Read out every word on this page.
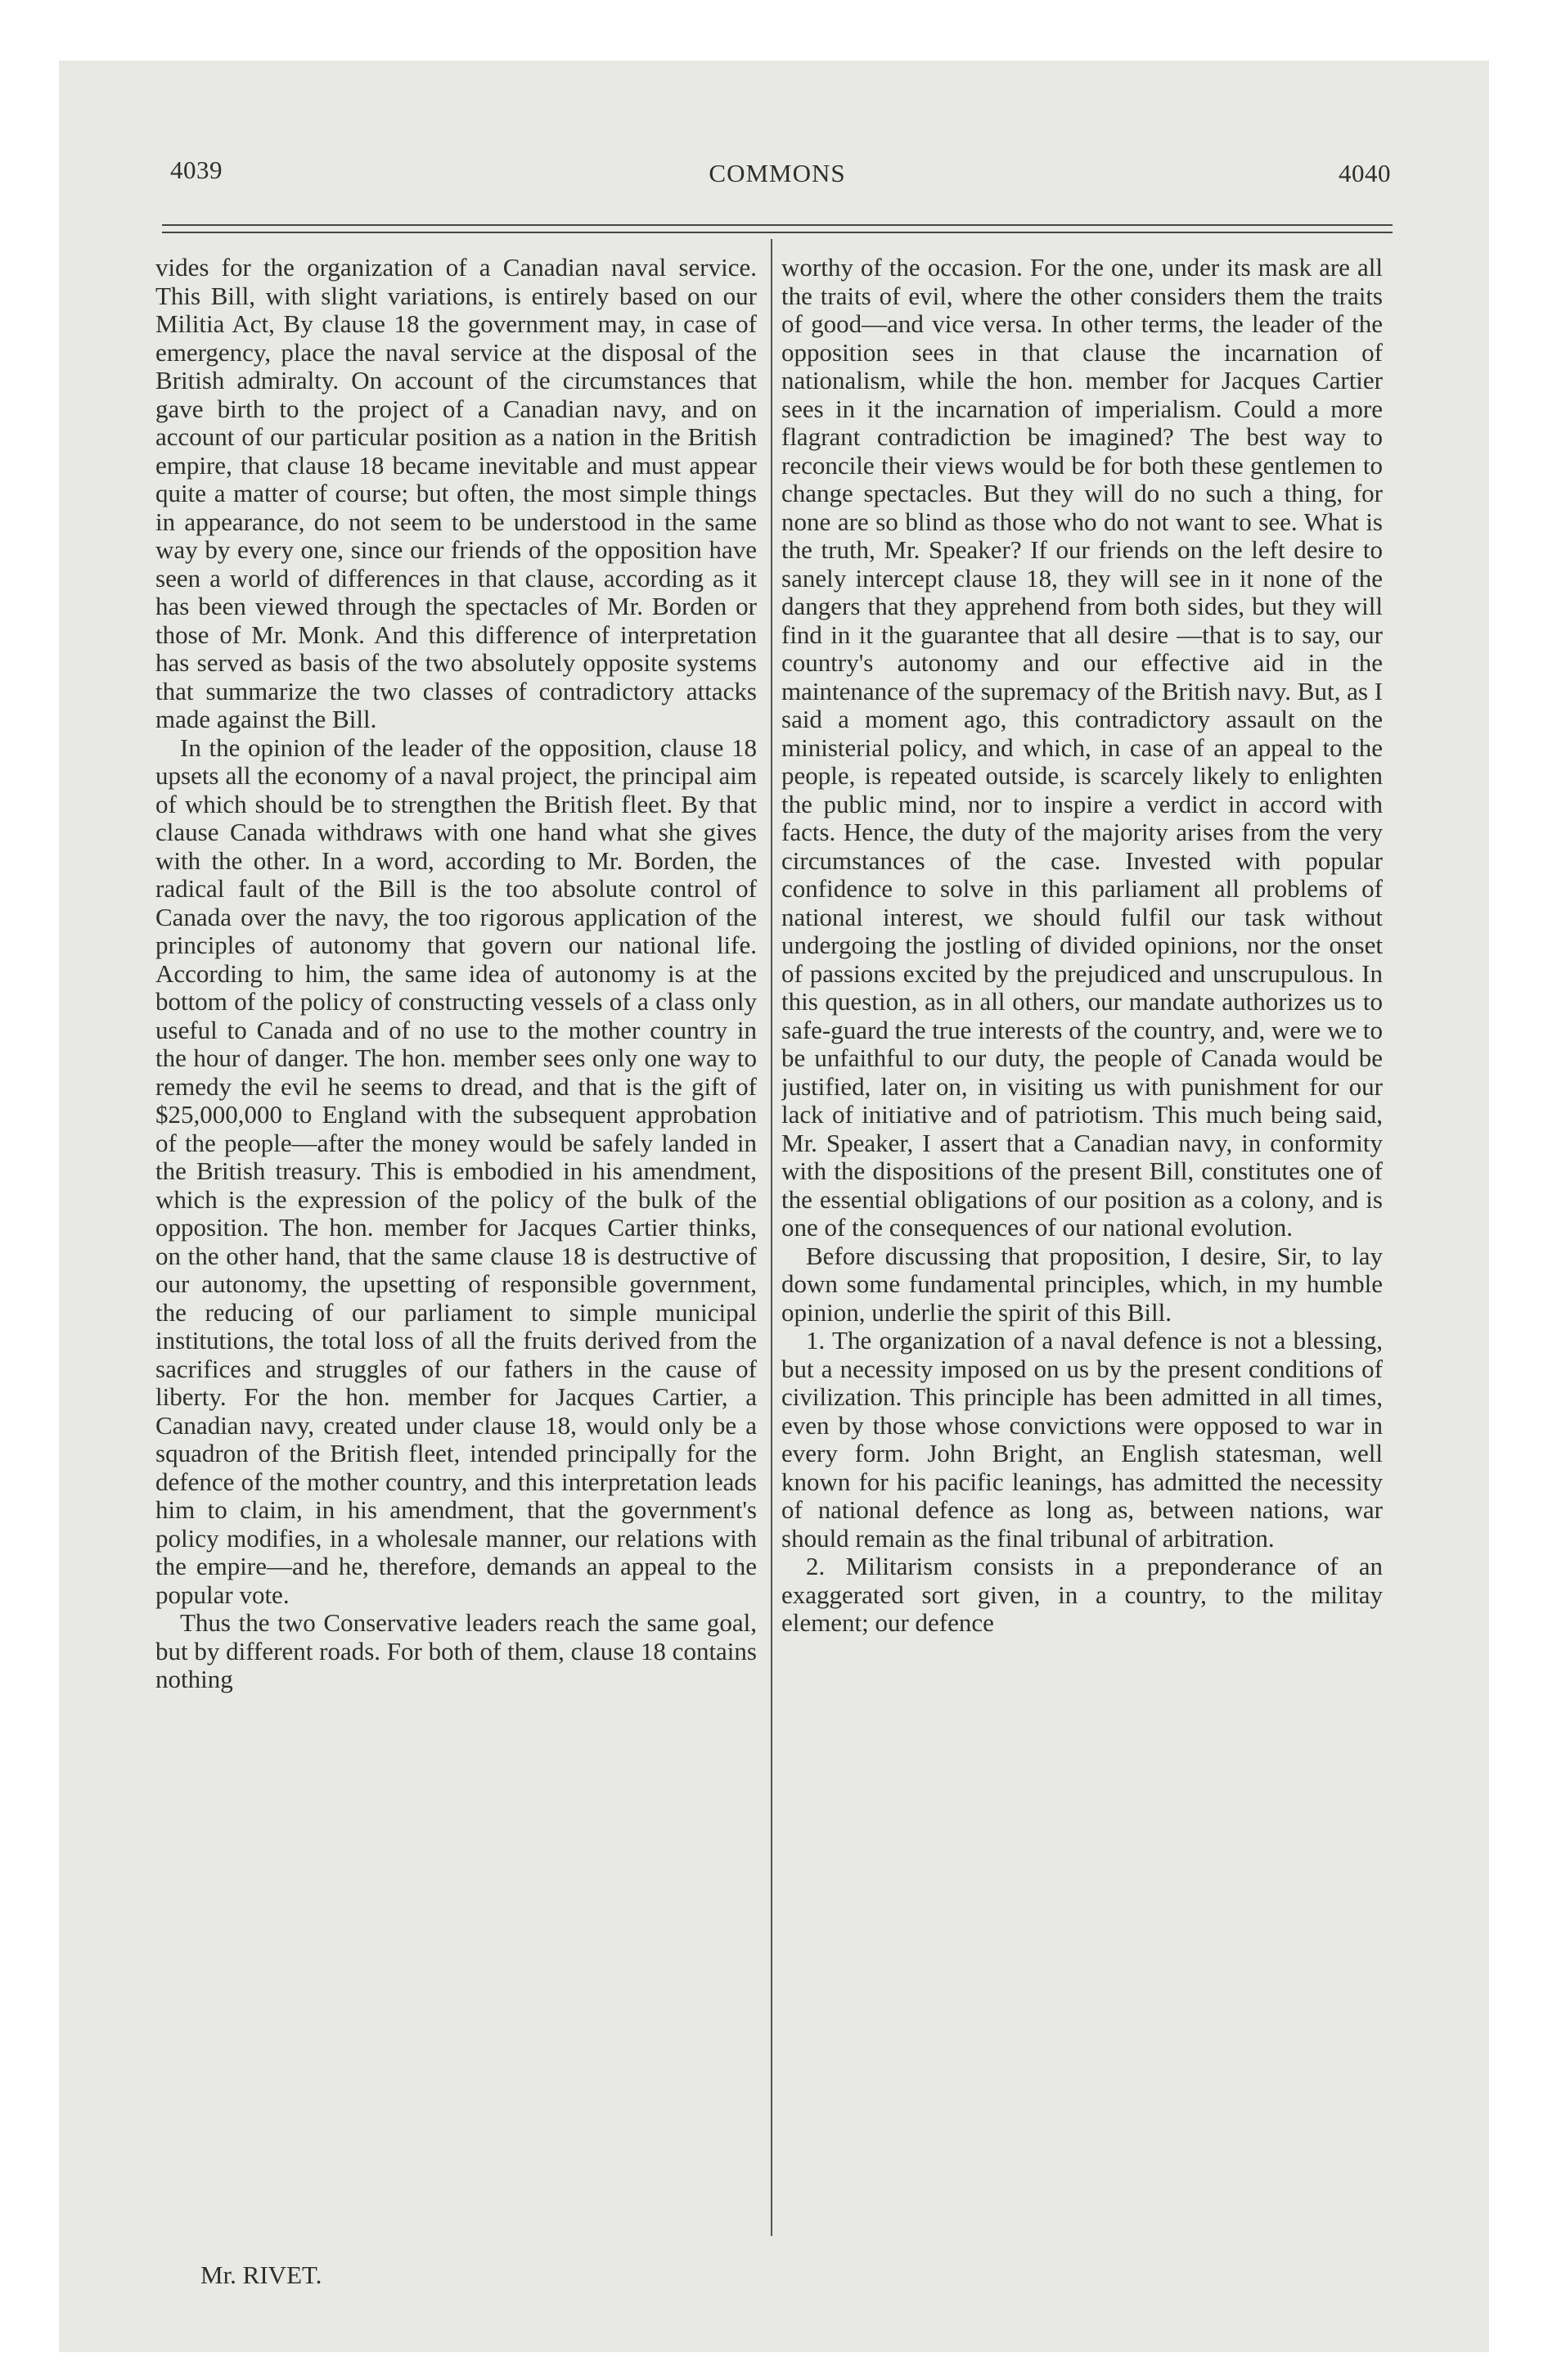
4039	COMMONS	4040

vides for the organization of a Canadian naval service. This Bill, with slight variations, is entirely based on our Militia Act, By clause 18 the government may, in case of emergency, place the naval service at the disposal of the British admiralty. On account of the circumstances that gave birth to the project of a Canadian navy, and on account of our particular position as a nation in the British empire, that clause 18 became inevitable and must appear quite a matter of course; but often, the most simple things in appearance, do not seem to be understood in the same way by every one, since our friends of the opposition have seen a world of differences in that clause, according as it has been viewed through the spectacles of Mr. Borden or those of Mr. Monk. And this difference of interpretation has served as basis of the two absolutely opposite systems that summarize the two classes of contradictory attacks made against the Bill.

In the opinion of the leader of the opposition, clause 18 upsets all the economy of a naval project, the principal aim of which should be to strengthen the British fleet. By that clause Canada withdraws with one hand what she gives with the other. In a word, according to Mr. Borden, the radical fault of the Bill is the too absolute control of Canada over the navy, the too rigorous application of the principles of autonomy that govern our national life. According to him, the same idea of autonomy is at the bottom of the policy of constructing vessels of a class only useful to Canada and of no use to the mother country in the hour of danger. The hon. member sees only one way to remedy the evil he seems to dread, and that is the gift of $25,000,000 to England with the subsequent approbation of the people—after the money would be safely landed in the British treasury. This is embodied in his amendment, which is the expression of the policy of the bulk of the opposition. The hon. member for Jacques Cartier thinks, on the other hand, that the same clause 18 is destructive of our autonomy, the upsetting of responsible government, the reducing of our parliament to simple municipal institutions, the total loss of all the fruits derived from the sacrifices and struggles of our fathers in the cause of liberty. For the hon. member for Jacques Cartier, a Canadian navy, created under clause 18, would only be a squadron of the British fleet, intended principally for the defence of the mother country, and this interpretation leads him to claim, in his amendment, that the government's policy modifies, in a wholesale manner, our relations with the empire—and he, therefore, demands an appeal to the popular vote.

Thus the two Conservative leaders reach the same goal, but by different roads. For both of them, clause 18 contains nothing

worthy of the occasion. For the one, under its mask are all the traits of evil, where the other considers them the traits of good—and vice versa. In other terms, the leader of the opposition sees in that clause the incarnation of nationalism, while the hon. member for Jacques Cartier sees in it the incarnation of imperialism. Could a more flagrant contradiction be imagined? The best way to reconcile their views would be for both these gentlemen to change spectacles. But they will do no such a thing, for none are so blind as those who do not want to see. What is the truth, Mr. Speaker? If our friends on the left desire to sanely intercept clause 18, they will see in it none of the dangers that they apprehend from both sides, but they will find in it the guarantee that all desire —that is to say, our country's autonomy and our effective aid in the maintenance of the supremacy of the British navy. But, as I said a moment ago, this contradictory assault on the ministerial policy, and which, in case of an appeal to the people, is repeated outside, is scarcely likely to enlighten the public mind, nor to inspire a verdict in accord with facts. Hence, the duty of the majority arises from the very circumstances of the case. Invested with popular confidence to solve in this parliament all problems of national interest, we should fulfil our task without undergoing the jostling of divided opinions, nor the onset of passions excited by the prejudiced and unscrupulous. In this question, as in all others, our mandate authorizes us to safe-guard the true interests of the country, and, were we to be unfaithful to our duty, the people of Canada would be justified, later on, in visiting us with punishment for our lack of initiative and of patriotism. This much being said, Mr. Speaker, I assert that a Canadian navy, in conformity with the dispositions of the present Bill, constitutes one of the essential obligations of our position as a colony, and is one of the consequences of our national evolution.

Before discussing that proposition, I desire, Sir, to lay down some fundamental principles, which, in my humble opinion, underlie the spirit of this Bill.

1. The organization of a naval defence is not a blessing, but a necessity imposed on us by the present conditions of civilization. This principle has been admitted in all times, even by those whose convictions were opposed to war in every form. John Bright, an English statesman, well known for his pacific leanings, has admitted the necessity of national defence as long as, between nations, war should remain as the final tribunal of arbitration.

2. Militarism consists in a preponderance of an exaggerated sort given, in a country, to the militay element; our defence

Mr. RIVET.
